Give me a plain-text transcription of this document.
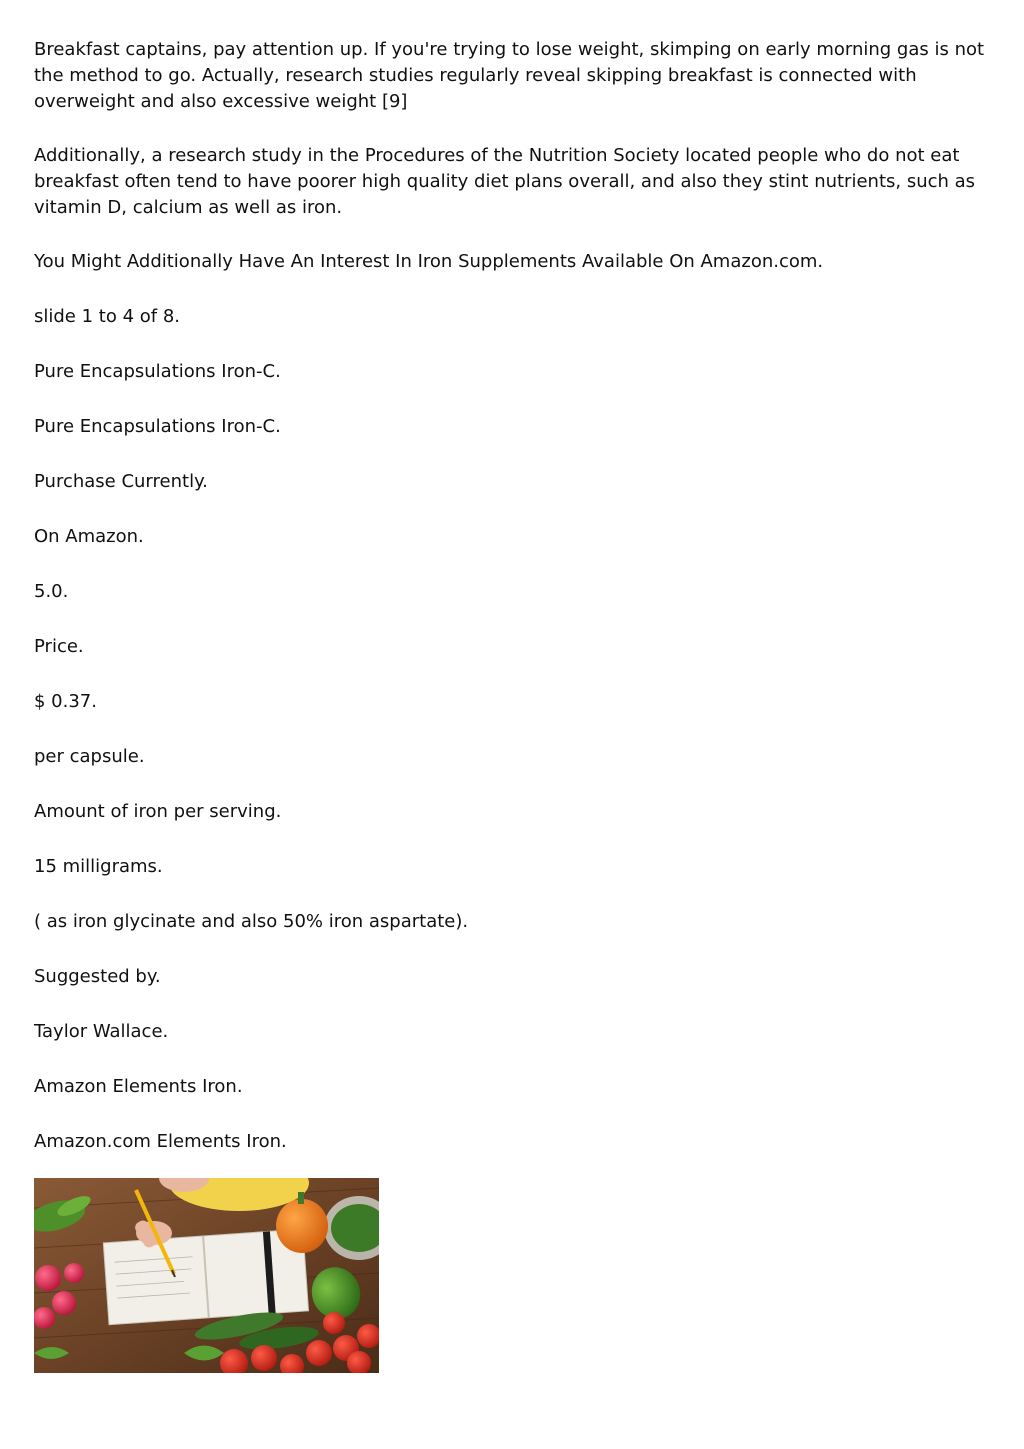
Breakfast captains, pay attention up. If you're trying to lose weight, skimping on early morning gas is not the method to go. Actually, research studies regularly reveal skipping breakfast is connected with overweight and also excessive weight [9]

Additionally, a research study in the Procedures of the Nutrition Society located people who do not eat breakfast often tend to have poorer high quality diet plans overall, and also they stint nutrients, such as vitamin D, calcium as well as iron.

You Might Additionally Have An Interest In Iron Supplements Available On Amazon.com.

slide 1 to 4 of 8.

Pure Encapsulations Iron-C.

Pure Encapsulations Iron-C.

Purchase Currently.

On Amazon.

5.0.

Price.

$ 0.37.

per capsule.

Amount of iron per serving.

15 milligrams.

( as iron glycinate and also 50% iron aspartate).

Suggested by.

Taylor Wallace.

Amazon Elements Iron.

Amazon.com Elements Iron.
